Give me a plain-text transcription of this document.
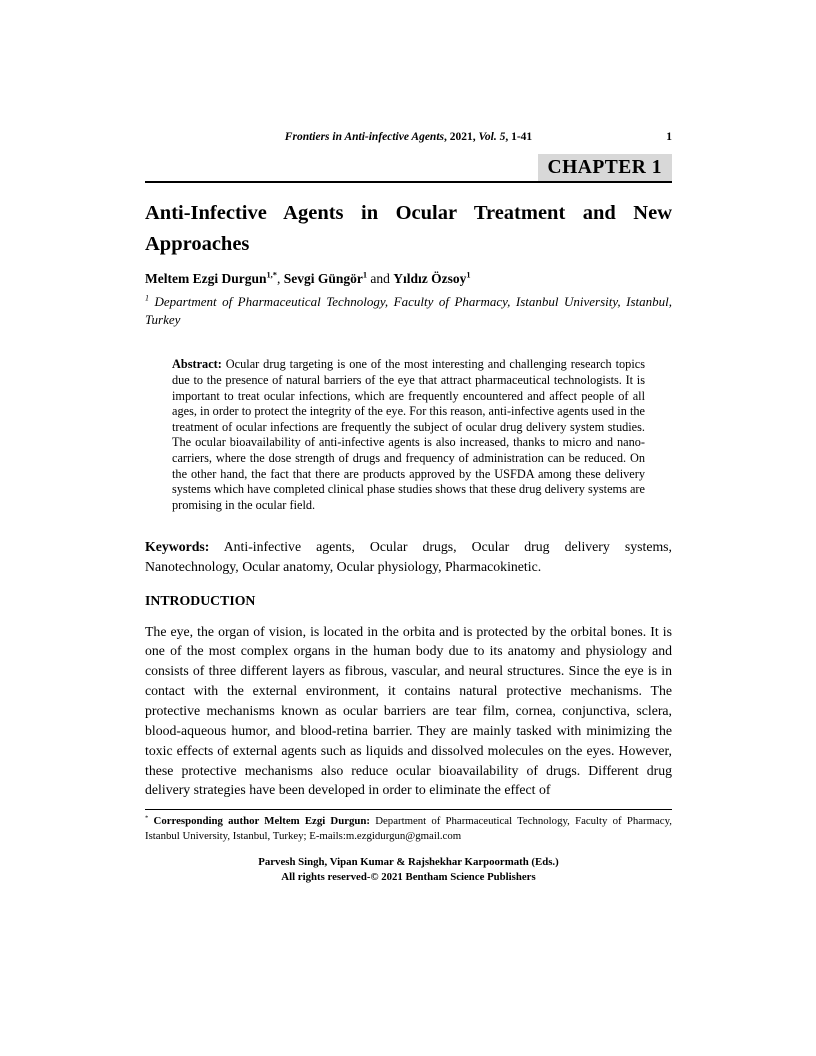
Frontiers in Anti-infective Agents, 2021, Vol. 5, 1-41	1
CHAPTER 1
Anti-Infective Agents in Ocular Treatment and New Approaches
Meltem Ezgi Durgun$^{1,*}$, Sevgi Güngör$^1$ and Yıldız Özsoy$^1$
$^1$ Department of Pharmaceutical Technology, Faculty of Pharmacy, Istanbul University, Istanbul, Turkey
Abstract: Ocular drug targeting is one of the most interesting and challenging research topics due to the presence of natural barriers of the eye that attract pharmaceutical technologists. It is important to treat ocular infections, which are frequently encountered and affect people of all ages, in order to protect the integrity of the eye. For this reason, anti-infective agents used in the treatment of ocular infections are frequently the subject of ocular drug delivery system studies. The ocular bioavailability of anti-infective agents is also increased, thanks to micro and nano-carriers, where the dose strength of drugs and frequency of administration can be reduced. On the other hand, the fact that there are products approved by the USFDA among these delivery systems which have completed clinical phase studies shows that these drug delivery systems are promising in the ocular field.
Keywords: Anti-infective agents, Ocular drugs, Ocular drug delivery systems, Nanotechnology, Ocular anatomy, Ocular physiology, Pharmacokinetic.
INTRODUCTION

The eye, the organ of vision, is located in the orbita and is protected by the orbital bones. It is one of the most complex organs in the human body due to its anatomy and physiology and consists of three different layers as fibrous, vascular, and neural structures. Since the eye is in contact with the external environment, it contains natural protective mechanisms. The protective mechanisms known as ocular barriers are tear film, cornea, conjunctiva, sclera, blood-aqueous humor, and blood-retina barrier. They are mainly tasked with minimizing the toxic effects of external agents such as liquids and dissolved molecules on the eyes. However, these protective mechanisms also reduce ocular bioavailability of drugs. Different drug delivery strategies have been developed in order to eliminate the effect of

* Corresponding author Meltem Ezgi Durgun: Department of Pharmaceutical Technology, Faculty of Pharmacy, Istanbul University, Istanbul, Turkey; E-mails:m.ezgidurgun@gmail.com
Parvesh Singh, Vipan Kumar & Rajshekhar Karpoormath (Eds.)
All rights reserved-© 2021 Bentham Science Publishers
